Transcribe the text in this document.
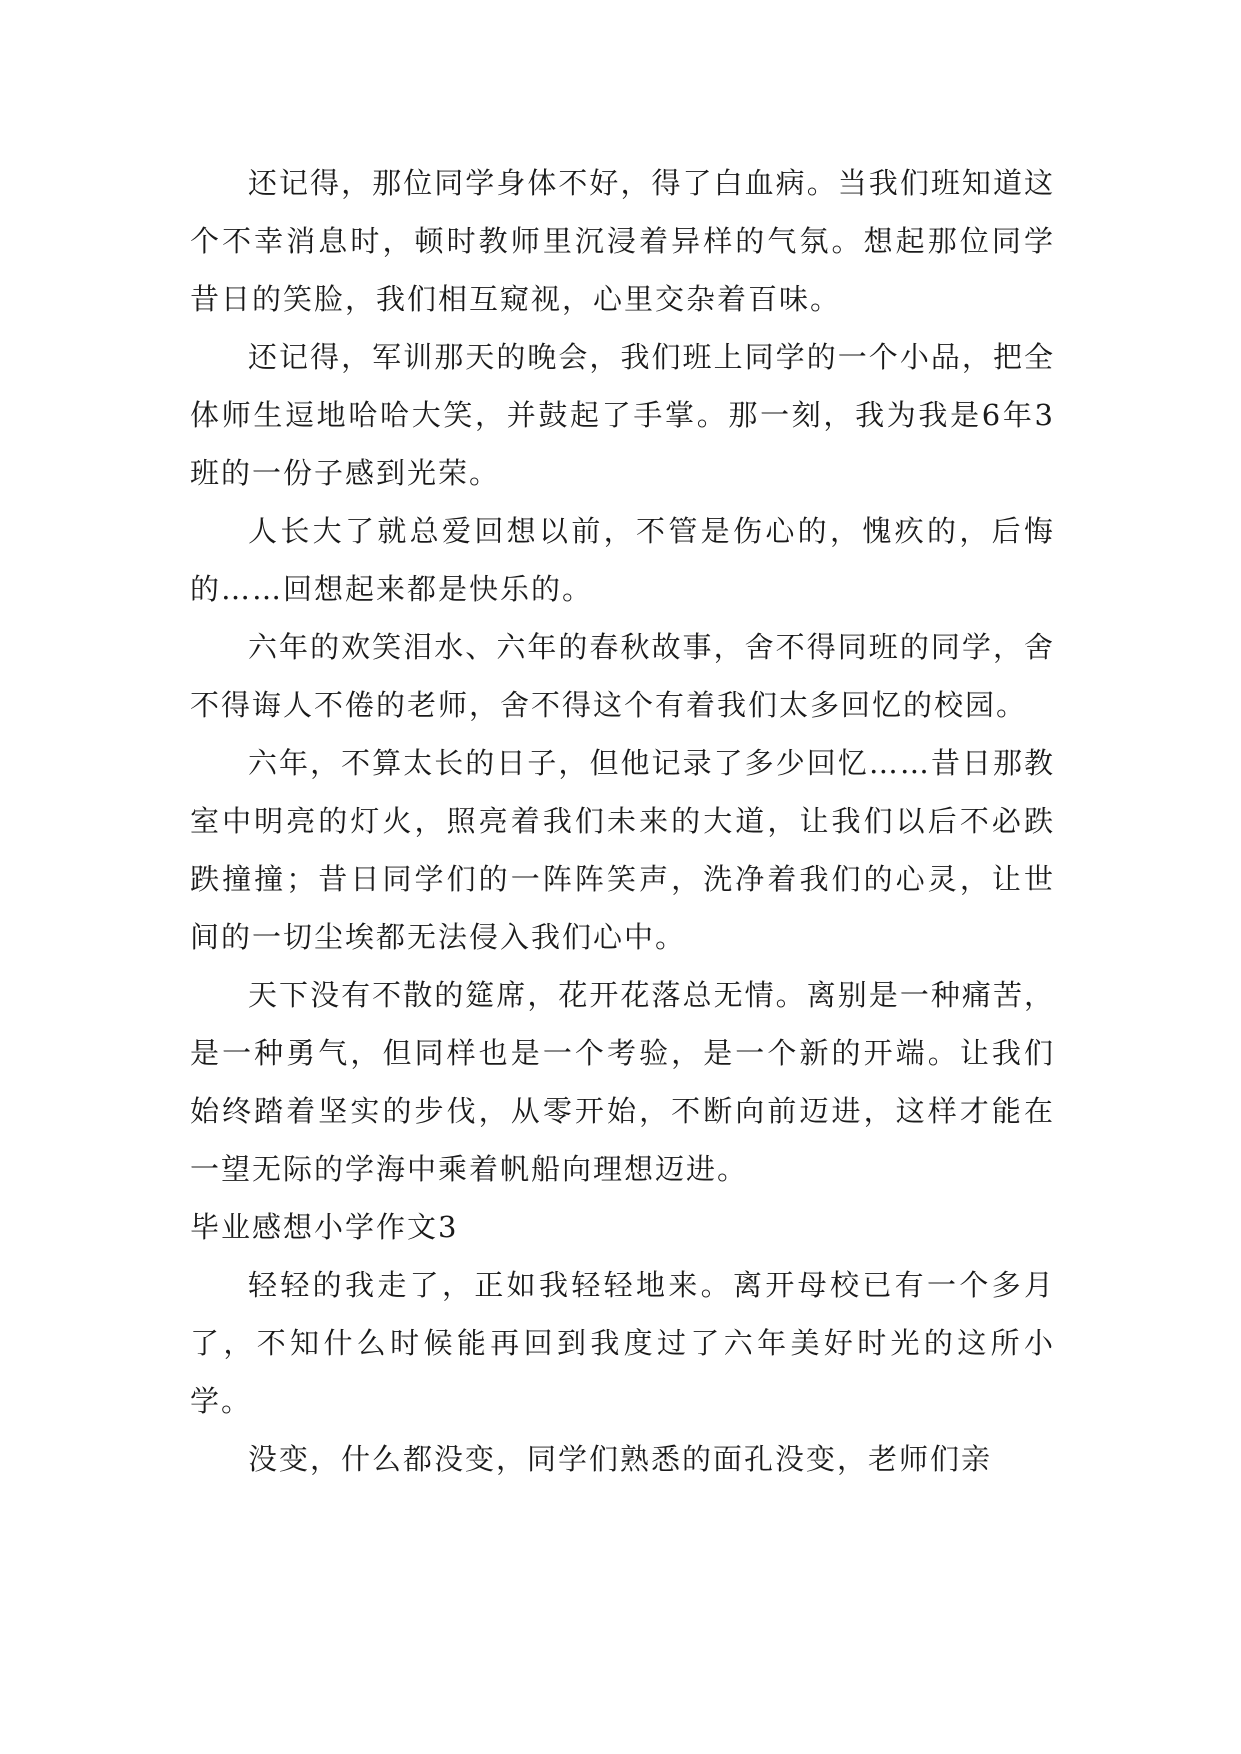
还记得，那位同学身体不好，得了白血病。当我们班知道这个不幸消息时，顿时教师里沉浸着异样的气氛。想起那位同学昔日的笑脸，我们相互窥视，心里交杂着百味。

还记得，军训那天的晚会，我们班上同学的一个小品，把全体师生逗地哈哈大笑，并鼓起了手掌。那一刻，我为我是6年3班的一份子感到光荣。

人长大了就总爱回想以前，不管是伤心的，愧疚的，后悔的……回想起来都是快乐的。

六年的欢笑泪水、六年的春秋故事，舍不得同班的同学，舍不得诲人不倦的老师，舍不得这个有着我们太多回忆的校园。

六年，不算太长的日子，但他记录了多少回忆……昔日那教室中明亮的灯火，照亮着我们未来的大道，让我们以后不必跌跌撞撞；昔日同学们的一阵阵笑声，洗净着我们的心灵，让世间的一切尘埃都无法侵入我们心中。

天下没有不散的筵席，花开花落总无情。离别是一种痛苦，是一种勇气，但同样也是一个考验，是一个新的开端。让我们始终踏着坚实的步伐，从零开始，不断向前迈进，这样才能在一望无际的学海中乘着帆船向理想迈进。

毕业感想小学作文3

轻轻的我走了，正如我轻轻地来。离开母校已有一个多月了，不知什么时候能再回到我度过了六年美好时光的这所小学。

没变，什么都没变，同学们熟悉的面孔没变，老师们亲
